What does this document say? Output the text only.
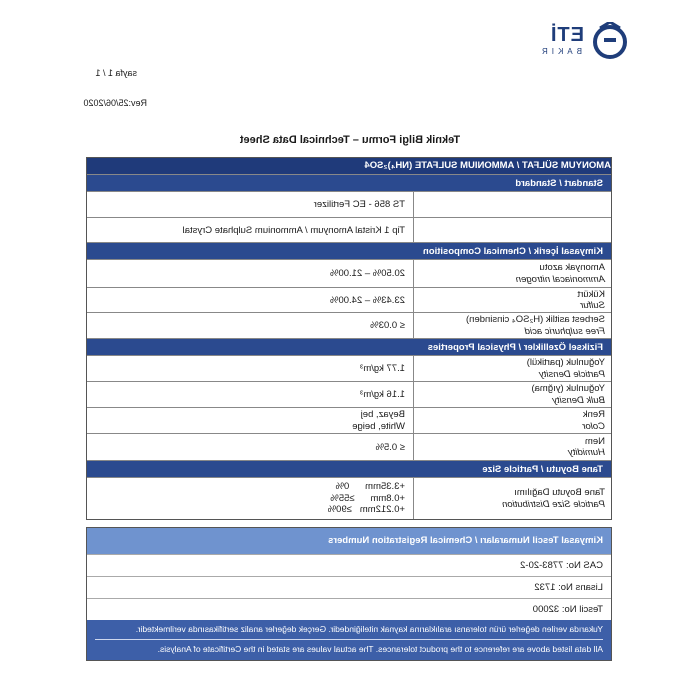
ETİ
BAKIR
sayfa 1 / 1
Rev:25/06/2020
Teknik Bilgi Formu – Technical Data Sheet
AMONYUM SÜLFAT / AMMONIUM SULFATE (NH₄)₂SO4
Standart / Standard
TS 856 - EC Fertilizer
Tip 1 Kristal Amonyum / Ammonium Sulphate Crystal
Kimyasal İçerik / Chemical Composition
Amonyak azotu
Ammoniacal nitrogen
20.50% – 21.00%
Kükürt
Sulfur
23.43% – 24.00%
Serbest asitlik (H₂SO₄ cinsinden)
Free sulphuric acid
≤ 0.03%
Fiziksel Özellikler / Physical Properties
Yoğunluk (partikül)
Particle Density
1.77 kg/m³
Yoğunluk (yığma)
Bulk Density
1.16 kg/m³
Renk
Color
Beyaz, bej
White, beige
Nem
Humidity
≤ 0.5%
Tane Boyutu / Particle Size
Tane Boyutu Dağılımı
Particle Size Distribution
+3.35mm      0%
+0.8mm      ≥55%
+0.212mm   ≥90%
Kimyasal Tescil Numaraları / Chemical Registration Numbers
CAS No: 7783-20-2
Lisans No: 1732
Tescil No: 32000
Yukarıda verilen değerler ürün toleransı aralıklarına kaynak niteliğindedir. Gerçek değerler analiz sertifikasında verilmektedir.
All data listed above are reference to the product tolerances. The actual values are stated in the Certificate of Analysis.
